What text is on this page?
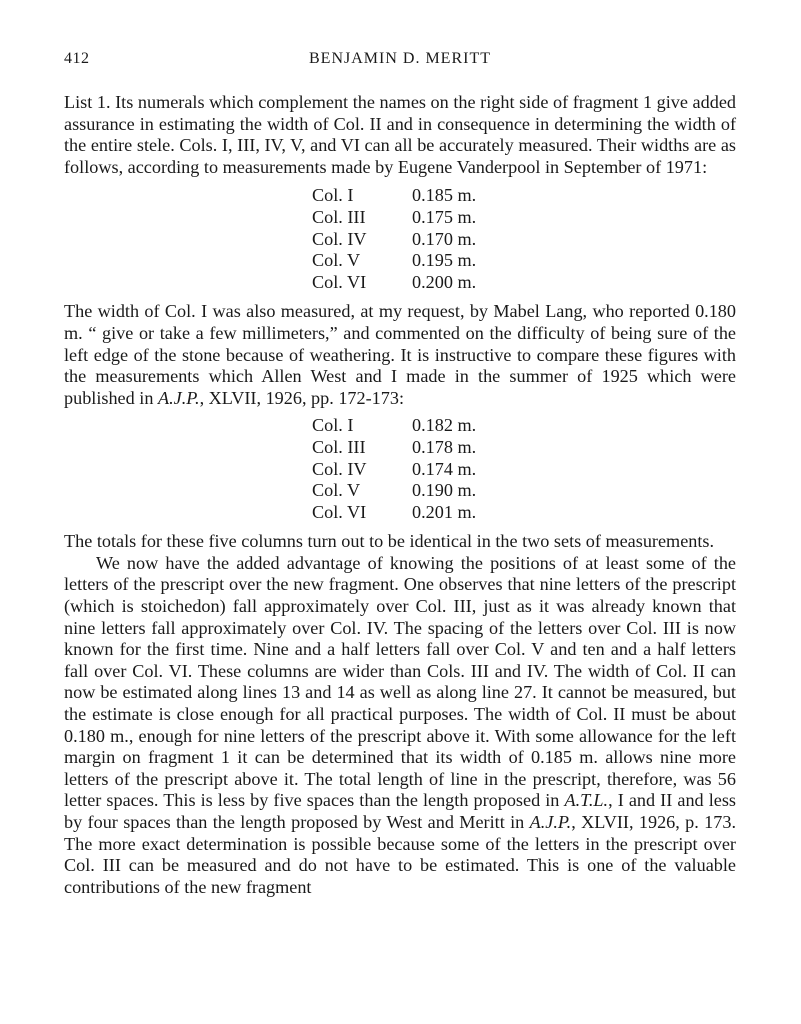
412	BENJAMIN D. MERITT

List 1. Its numerals which complement the names on the right side of fragment 1 give added assurance in estimating the width of Col. II and in consequence in determining the width of the entire stele. Cols. I, III, IV, V, and VI can all be accurately measured. Their widths are as follows, according to measurements made by Eugene Vanderpool in September of 1971:

Col. I	0.185 m.
Col. III	0.175 m.
Col. IV	0.170 m.
Col. V	0.195 m.
Col. VI	0.200 m.

The width of Col. I was also measured, at my request, by Mabel Lang, who reported 0.180 m. “ give or take a few millimeters,” and commented on the difficulty of being sure of the left edge of the stone because of weathering. It is instructive to compare these figures with the measurements which Allen West and I made in the summer of 1925 which were published in A.J.P., XLVII, 1926, pp. 172-173:

Col. I	0.182 m.
Col. III	0.178 m.
Col. IV	0.174 m.
Col. V	0.190 m.
Col. VI	0.201 m.

The totals for these five columns turn out to be identical in the two sets of measurements.

We now have the added advantage of knowing the positions of at least some of the letters of the prescript over the new fragment. One observes that nine letters of the prescript (which is stoichedon) fall approximately over Col. III, just as it was already known that nine letters fall approximately over Col. IV. The spacing of the letters over Col. III is now known for the first time. Nine and a half letters fall over Col. V and ten and a half letters fall over Col. VI. These columns are wider than Cols. III and IV. The width of Col. II can now be estimated along lines 13 and 14 as well as along line 27. It cannot be measured, but the estimate is close enough for all practical purposes. The width of Col. II must be about 0.180 m., enough for nine letters of the prescript above it. With some allowance for the left margin on fragment 1 it can be determined that its width of 0.185 m. allows nine more letters of the prescript above it. The total length of line in the prescript, therefore, was 56 letter spaces. This is less by five spaces than the length proposed in A.T.L., I and II and less by four spaces than the length proposed by West and Meritt in A.J.P., XLVII, 1926, p. 173. The more exact determination is possible because some of the letters in the prescript over Col. III can be measured and do not have to be estimated. This is one of the valuable contributions of the new fragment
